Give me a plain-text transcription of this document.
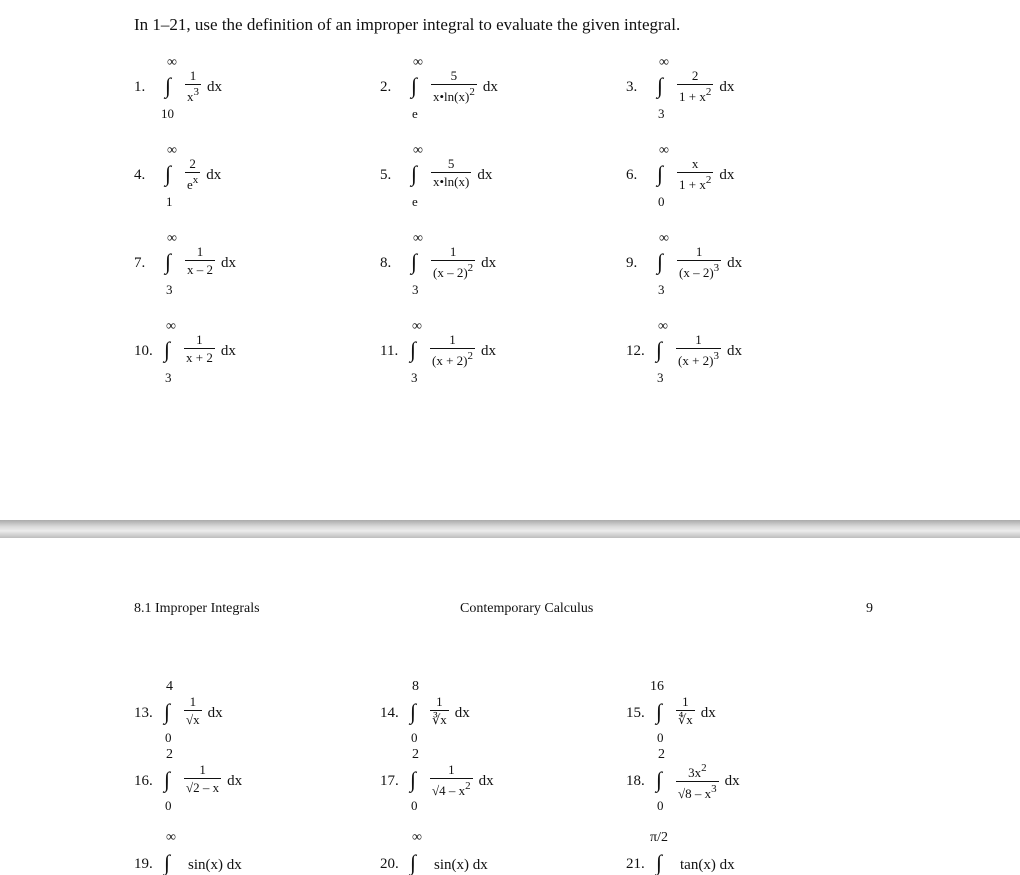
In 1–21, use the definition of an improper integral to evaluate the given integral.
1. ∫
∞
10
$\frac{1}{x^3}$ dx	2. ∫
∞
e
$\frac{5}{x•\ln(x)^2}$ dx	3. ∫
∞
3
$\frac{2}{1 + x^2}$ dx
4. ∫
∞
1
$\frac{2}{e^x}$ dx	5. ∫
∞
e
$\frac{5}{x•\ln(x)}$ dx	6. ∫
∞
0
$\frac{x}{1 + x^2}$ dx
7. ∫
∞
3
$\frac{1}{x - 2}$ dx	8. ∫
∞
3
$\frac{1}{(x - 2)^2}$ dx	9. ∫
∞
3
$\frac{1}{(x - 2)^3}$ dx
10. ∫
∞
3
$\frac{1}{x + 2}$ dx	11. ∫
∞
3
$\frac{1}{(x + 2)^2}$ dx	12. ∫
∞
3
$\frac{1}{(x + 2)^3}$ dx
13. ∫
4
0
$\frac{1}{√x}$ dx	14. ∫
8
0
$\frac{1}{∛x}$ dx	15. ∫
16
0
$\frac{1}{∜x}$ dx
16. ∫
2
0
$\frac{1}{√2 - x}$ dx	17. ∫
2
0
$\frac{1}{√4 - x^2}$ dx	18. ∫
2
0
$\frac{3x^2}{√8 - x^3}$ dx
19. ∫
∞
sin(x) dx	20. ∫
∞
sin(x) dx	21. ∫
π/2
tan(x) dx
8.1 Improper Integrals	Contemporary Calculus	9
